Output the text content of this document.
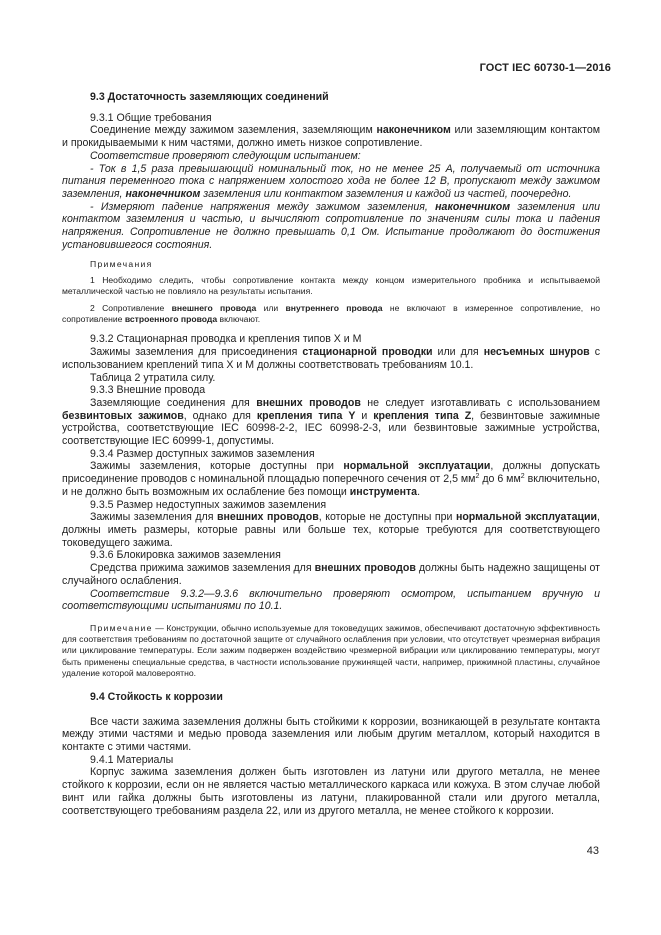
ГОСТ IEC 60730-1—2016

9.3 Достаточность заземляющих соединений

9.3.1 Общие требования

Соединение между зажимом заземления, заземляющим наконечником или заземляющим контактом и прокидываемыми к ним частями, должно иметь низкое сопротивление.

Соответствие проверяют следующим испытанием:

- Ток в 1,5 раза превышающий номинальный ток, но не менее 25 А, получаемый от источника питания переменного тока с напряжением холостого хода не более 12 В, пропускают между зажимом заземления, наконечником заземления или контактом заземления и каждой из частей, поочередно.

- Измеряют падение напряжения между зажимом заземления, наконечником заземления или контактом заземления и частью, и вычисляют сопротивление по значениям силы тока и падения напряжения. Сопротивление не должно превышать 0,1 Ом. Испытание продолжают до достижения установившегося состояния.

Примечания

1 Необходимо следить, чтобы сопротивление контакта между концом измерительного пробника и испытываемой металлической частью не повлияло на результаты испытания.

2 Сопротивление внешнего провода или внутреннего провода не включают в измеренное сопротивление, но сопротивление встроенного провода включают.

9.3.2 Стационарная проводка и крепления типов Х и М

Зажимы заземления для присоединения стационарной проводки или для несъемных шнуров с использованием креплений типа Х и М должны соответствовать требованиям 10.1.

Таблица 2 утратила силу.

9.3.3 Внешние провода

Заземляющие соединения для внешних проводов не следует изготавливать с использованием безвинтовых зажимов, однако для крепления типа Y и крепления типа Z, безвинтовые зажимные устройства, соответствующие IEC 60998-2-2, IEC 60998-2-3, или безвинтовые зажимные устройства, соответствующие IEC 60999-1, допустимы.

9.3.4 Размер доступных зажимов заземления

Зажимы заземления, которые доступны при нормальной эксплуатации, должны допускать присоединение проводов с номинальной площадью поперечного сечения от 2,5 $мм^2$ до 6 $мм^2$ включительно, и не должно быть возможным их ослабление без помощи инструмента.

9.3.5 Размер недоступных зажимов заземления

Зажимы заземления для внешних проводов, которые не доступны при нормальной эксплуатации, должны иметь размеры, которые равны или больше тех, которые требуются для соответствующего токоведущего зажима.

9.3.6 Блокировка зажимов заземления

Средства прижима зажимов заземления для внешних проводов должны быть надежно защищены от случайного ослабления.

Соответствие 9.3.2—9.3.6 включительно проверяют осмотром, испытанием вручную и соответствующими испытаниями по 10.1.

Примечание — Конструкции, обычно используемые для токоведущих зажимов, обеспечивают достаточную эффективность для соответствия требованиям по достаточной защите от случайного ослабления при условии, что отсутствует чрезмерная вибрация или циклирование температуры. Если зажим подвержен воздействию чрезмерной вибрации или циклированию температуры, могут быть применены специальные средства, в частности использование пружинящей части, например, прижимной пластины, случайное удаление которой маловероятно.

9.4 Стойкость к коррозии

Все части зажима заземления должны быть стойкими к коррозии, возникающей в результате контакта между этими частями и медью провода заземления или любым другим металлом, который находится в контакте с этими частями.

9.4.1 Материалы

Корпус зажима заземления должен быть изготовлен из латуни или другого металла, не менее стойкого к коррозии, если он не является частью металлического каркаса или кожуха. В этом случае любой винт или гайка должны быть изготовлены из латуни, плакированной стали или другого металла, соответствующего требованиям раздела 22, или из другого металла, не менее стойкого к коррозии.

43
